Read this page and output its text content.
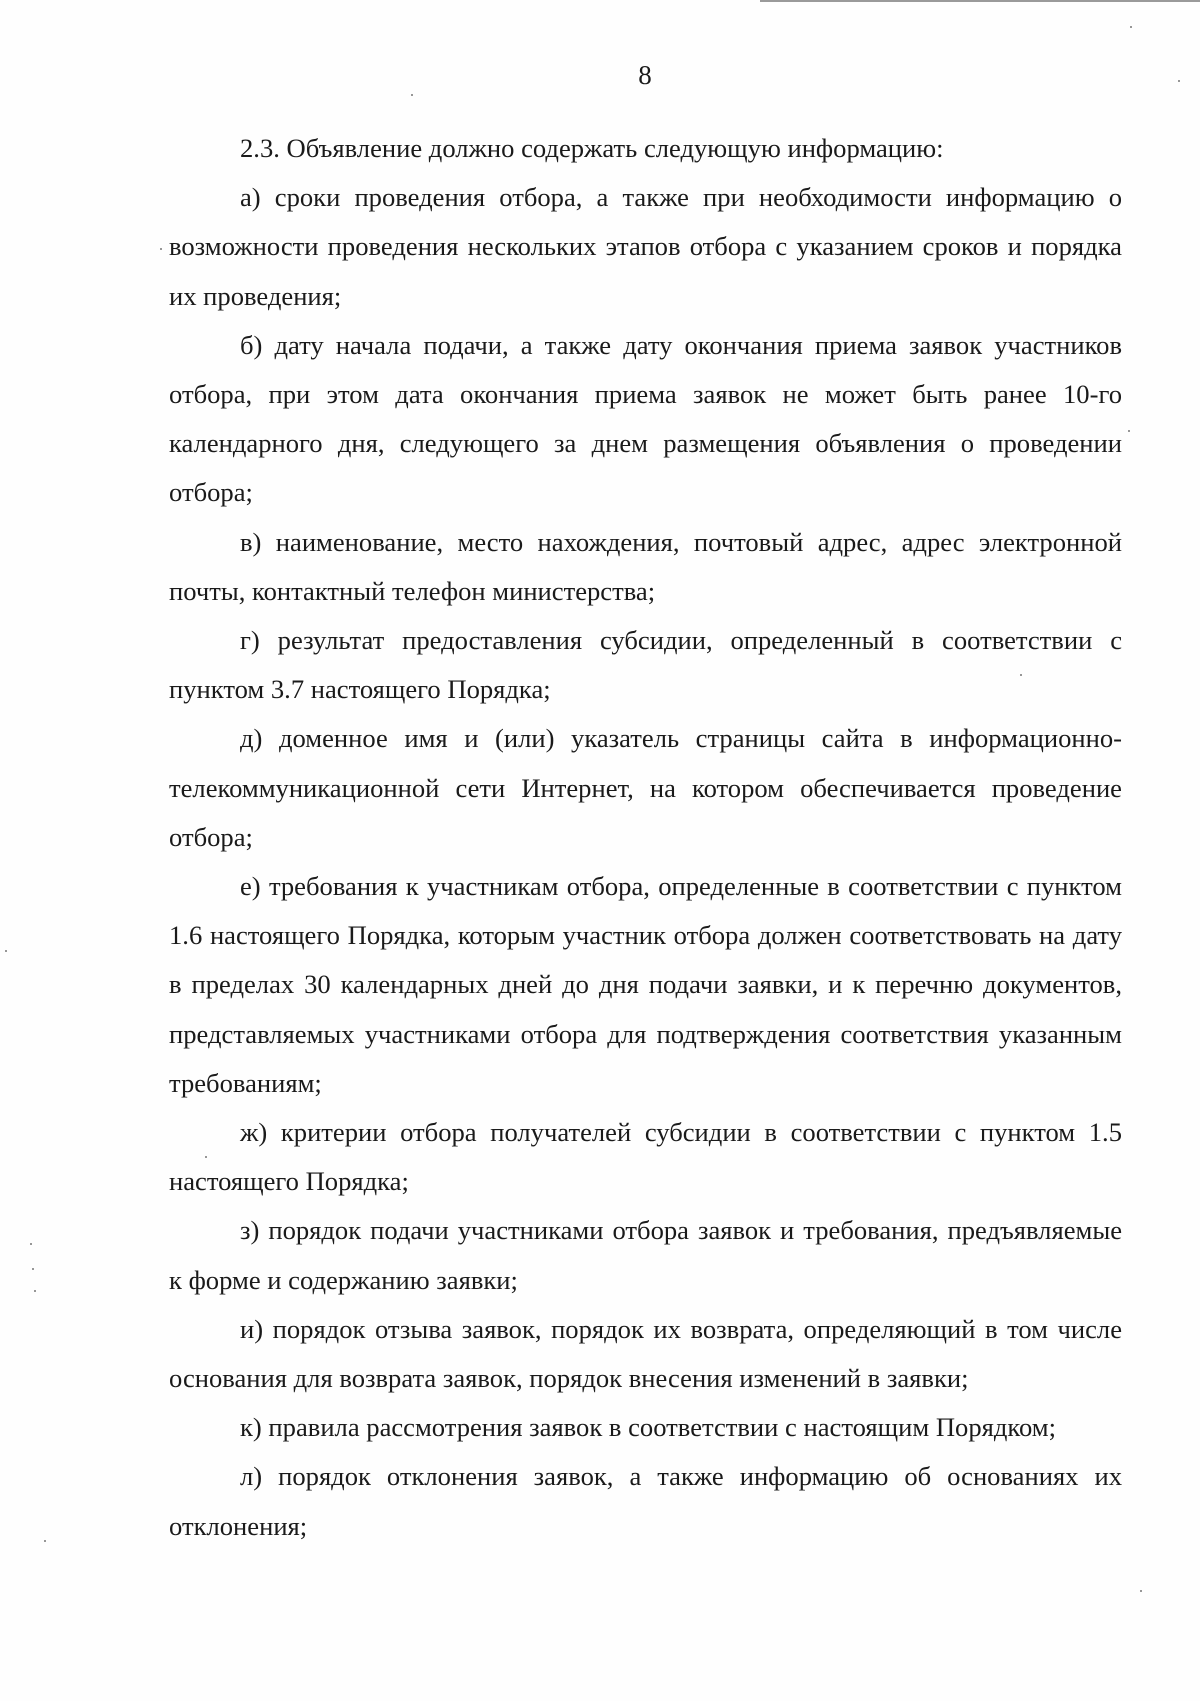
8

2.3. Объявление должно содержать следующую информацию:

а) сроки проведения отбора, а также при необходимости информацию о возможности проведения нескольких этапов отбора с указанием сроков и порядка их проведения;

б) дату начала подачи, а также дату окончания приема заявок участников отбора, при этом дата окончания приема заявок не может быть ранее 10-го календарного дня, следующего за днем размещения объявления о проведении отбора;

в) наименование, место нахождения, почтовый адрес, адрес электронной почты, контактный телефон министерства;

г) результат предоставления субсидии, определенный в соответствии с пунктом 3.7 настоящего Порядка;

д) доменное имя и (или) указатель страницы сайта в информационно-телекоммуникационной сети Интернет, на котором обеспечивается проведение отбора;

е) требования к участникам отбора, определенные в соответствии с пунктом 1.6 настоящего Порядка, которым участник отбора должен соответствовать на дату в пределах 30 календарных дней до дня подачи заявки, и к перечню документов, представляемых участниками отбора для подтверждения соответствия указанным требованиям;

ж) критерии отбора получателей субсидии в соответствии с пунктом 1.5 настоящего Порядка;

з) порядок подачи участниками отбора заявок и требования, предъявляемые к форме и содержанию заявки;

и) порядок отзыва заявок, порядок их возврата, определяющий в том числе основания для возврата заявок, порядок внесения изменений в заявки;

к) правила рассмотрения заявок в соответствии с настоящим Порядком;

л) порядок отклонения заявок, а также информацию об основаниях их отклонения;
